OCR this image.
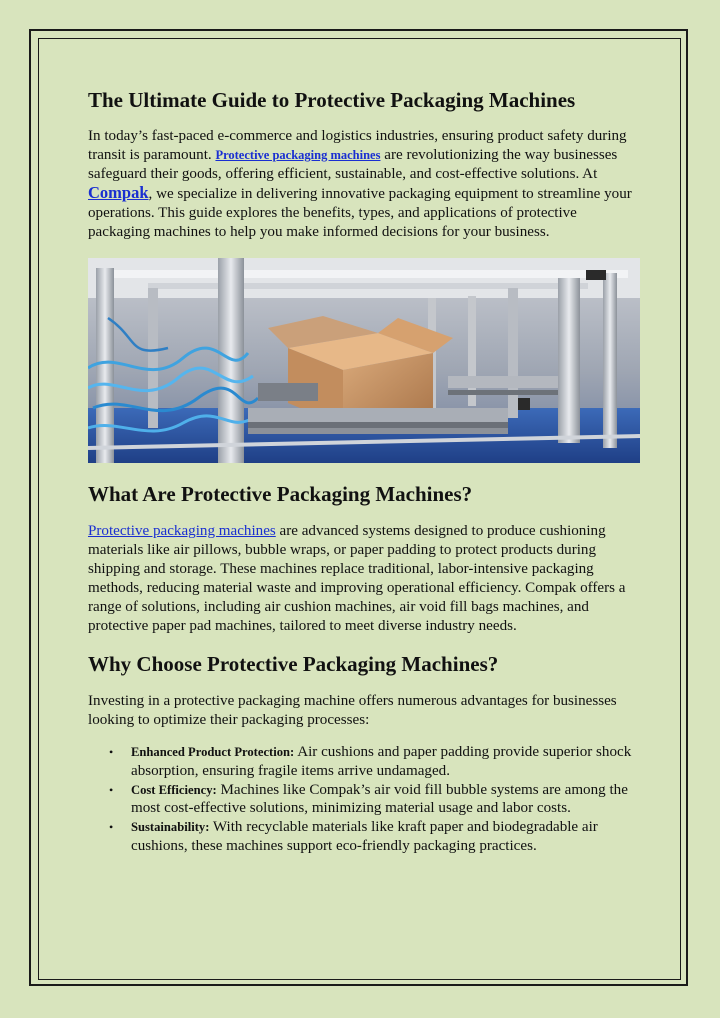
The Ultimate Guide to Protective Packaging Machines

In today’s fast-paced e-commerce and logistics industries, ensuring product safety during transit is paramount. Protective packaging machines are revolutionizing the way businesses safeguard their goods, offering efficient, sustainable, and cost-effective solutions. At Compak, we specialize in delivering innovative packaging equipment to streamline your operations. This guide explores the benefits, types, and applications of protective packaging machines to help you make informed decisions for your business.

What Are Protective Packaging Machines?

Protective packaging machines are advanced systems designed to produce cushioning materials like air pillows, bubble wraps, or paper padding to protect products during shipping and storage. These machines replace traditional, labor-intensive packaging methods, reducing material waste and improving operational efficiency. Compak offers a range of solutions, including air cushion machines, air void fill bags machines, and protective paper pad machines, tailored to meet diverse industry needs.

Why Choose Protective Packaging Machines?

Investing in a protective packaging machine offers numerous advantages for businesses looking to optimize their packaging processes:

• Enhanced Product Protection: Air cushions and paper padding provide superior shock absorption, ensuring fragile items arrive undamaged.
• Cost Efficiency: Machines like Compak’s air void fill bubble systems are among the most cost-effective solutions, minimizing material usage and labor costs.
• Sustainability: With recyclable materials like kraft paper and biodegradable air cushions, these machines support eco-friendly packaging practices.
